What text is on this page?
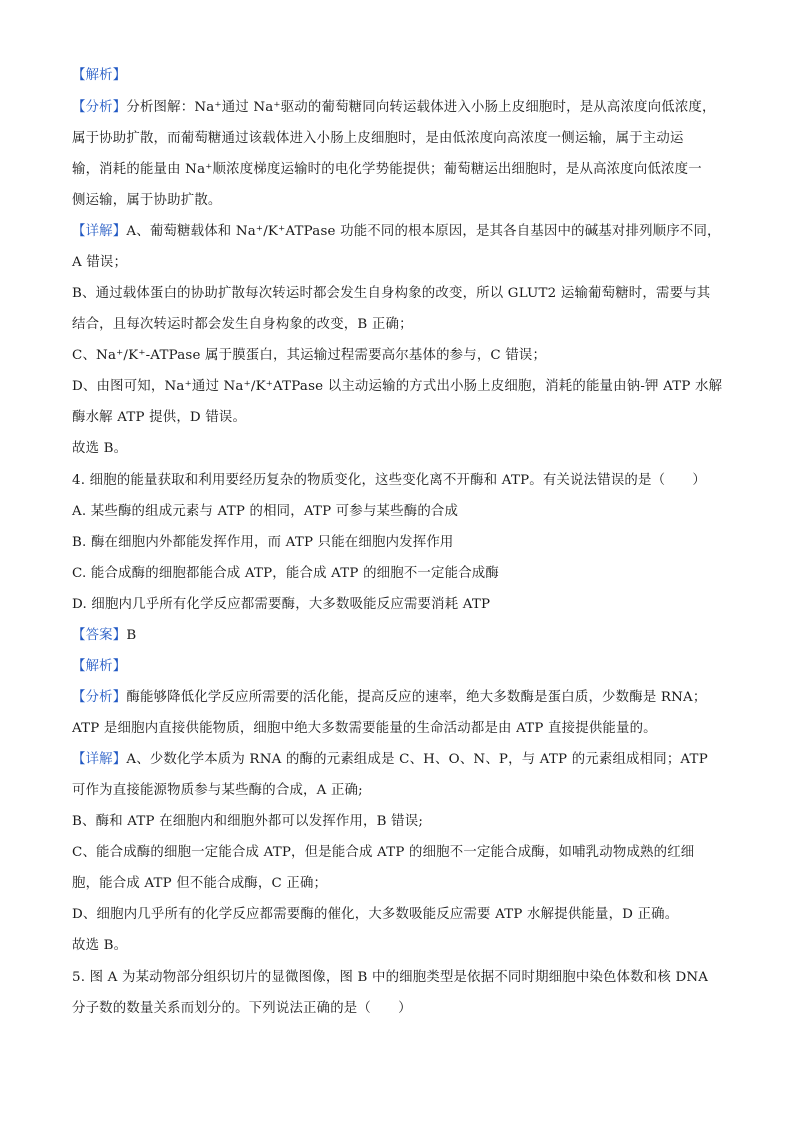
【解析】
【分析】分析图解：Na⁺通过 Na⁺驱动的葡萄糖同向转运载体进入小肠上皮细胞时，是从高浓度向低浓度，
属于协助扩散，而葡萄糖通过该载体进入小肠上皮细胞时，是由低浓度向高浓度一侧运输，属于主动运
输，消耗的能量由 Na⁺顺浓度梯度运输时的电化学势能提供；葡萄糖运出细胞时，是从高浓度向低浓度一
侧运输，属于协助扩散。
【详解】A、葡萄糖载体和 Na⁺/K⁺ATPase 功能不同的根本原因，是其各自基因中的碱基对排列顺序不同，
A 错误；
B、通过载体蛋白的协助扩散每次转运时都会发生自身构象的改变，所以 GLUT2 运输葡萄糖时，需要与其
结合，且每次转运时都会发生自身构象的改变，B 正确；
C、Na⁺/K⁺-ATPase 属于膜蛋白，其运输过程需要高尔基体的参与，C 错误；
D、由图可知，Na⁺通过 Na⁺/K⁺ATPase 以主动运输的方式出小肠上皮细胞，消耗的能量由钠-钾 ATP 水解
酶水解 ATP 提供，D 错误。
故选 B。
4. 细胞的能量获取和利用要经历复杂的物质变化，这些变化离不开酶和 ATP。有关说法错误的是（　　）
A. 某些酶的组成元素与 ATP 的相同，ATP 可参与某些酶的合成
B. 酶在细胞内外都能发挥作用，而 ATP 只能在细胞内发挥作用
C. 能合成酶的细胞都能合成 ATP，能合成 ATP 的细胞不一定能合成酶
D. 细胞内几乎所有化学反应都需要酶，大多数吸能反应需要消耗 ATP
【答案】B
【解析】
【分析】酶能够降低化学反应所需要的活化能，提高反应的速率，绝大多数酶是蛋白质，少数酶是 RNA；
ATP 是细胞内直接供能物质，细胞中绝大多数需要能量的生命活动都是由 ATP 直接提供能量的。
【详解】A、少数化学本质为 RNA 的酶的元素组成是 C、H、O、N、P，与 ATP 的元素组成相同；ATP
可作为直接能源物质参与某些酶的合成，A 正确;
B、酶和 ATP 在细胞内和细胞外都可以发挥作用，B 错误;
C、能合成酶的细胞一定能合成 ATP，但是能合成 ATP 的细胞不一定能合成酶，如哺乳动物成熟的红细
胞，能合成 ATP 但不能合成酶，C 正确；
D、细胞内几乎所有的化学反应都需要酶的催化，大多数吸能反应需要 ATP 水解提供能量，D 正确。
故选 B。
5. 图 A 为某动物部分组织切片的显微图像，图 B 中的细胞类型是依据不同时期细胞中染色体数和核 DNA
分子数的数量关系而划分的。下列说法正确的是（　　）
